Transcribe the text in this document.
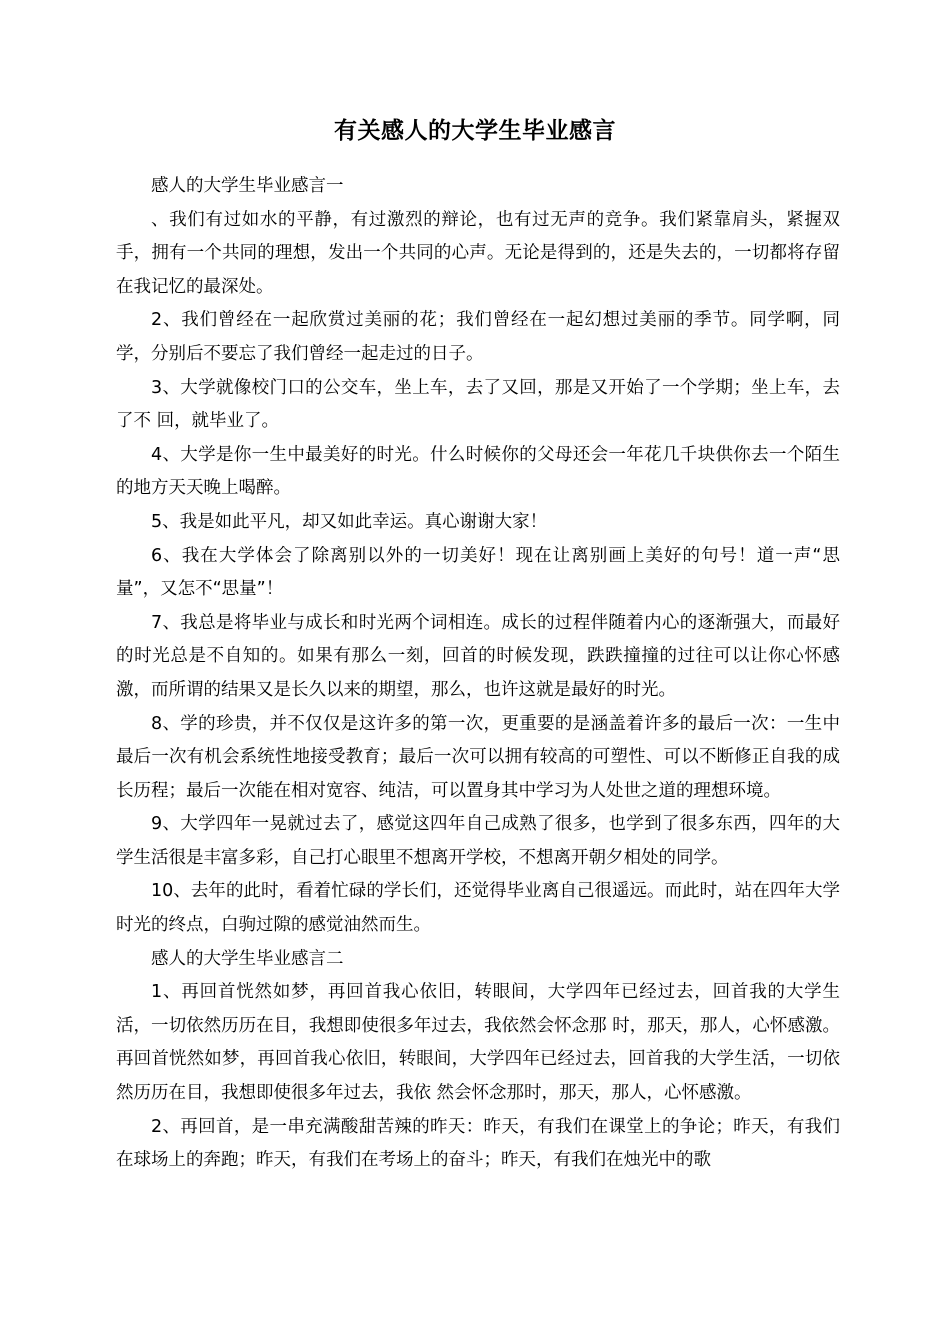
有关感人的大学生毕业感言

感人的大学生毕业感言一

、我们有过如水的平静，有过激烈的辩论，也有过无声的竞争。我们紧靠肩头，紧握双手，拥有一个共同的理想，发出一个共同的心声。无论是得到的，还是失去的，一切都将存留在我记忆的最深处。

2、我们曾经在一起欣赏过美丽的花；我们曾经在一起幻想过美丽的季节。同学啊，同学，分别后不要忘了我们曾经一起走过的日子。

3、大学就像校门口的公交车，坐上车，去了又回，那是又开始了一个学期；坐上车，去了不 回，就毕业了。

4、大学是你一生中最美好的时光。什么时候你的父母还会一年花几千块供你去一个陌生的地方天天晚上喝醉。

5、我是如此平凡，却又如此幸运。真心谢谢大家！

6、我在大学体会了除离别以外的一切美好！现在让离别画上美好的句号！道一声“思量”，又怎不“思量”！

7、我总是将毕业与成长和时光两个词相连。成长的过程伴随着内心的逐渐强大，而最好的时光总是不自知的。如果有那么一刻，回首的时候发现，跌跌撞撞的过往可以让你心怀感激，而所谓的结果又是长久以来的期望，那么，也许这就是最好的时光。

8、学的珍贵，并不仅仅是这许多的第一次，更重要的是涵盖着许多的最后一次：一生中最后一次有机会系统性地接受教育；最后一次可以拥有较高的可塑性、可以不断修正自我的成长历程；最后一次能在相对宽容、纯洁，可以置身其中学习为人处世之道的理想环境。

9、大学四年一晃就过去了，感觉这四年自己成熟了很多，也学到了很多东西，四年的大学生活很是丰富多彩，自己打心眼里不想离开学校，不想离开朝夕相处的同学。

10、去年的此时，看着忙碌的学长们，还觉得毕业离自己很遥远。而此时，站在四年大学时光的终点，白驹过隙的感觉油然而生。

感人的大学生毕业感言二

1、再回首恍然如梦，再回首我心依旧，转眼间，大学四年已经过去，回首我的大学生活，一切依然历历在目，我想即使很多年过去，我依然会怀念那 时，那天，那人，心怀感激。再回首恍然如梦，再回首我心依旧，转眼间，大学四年已经过去，回首我的大学生活，一切依然历历在目，我想即使很多年过去，我依 然会怀念那时，那天，那人，心怀感激。

2、再回首，是一串充满酸甜苦辣的昨天：昨天，有我们在课堂上的争论；昨天，有我们在球场上的奔跑；昨天，有我们在考场上的奋斗；昨天，有我们在烛光中的歌
